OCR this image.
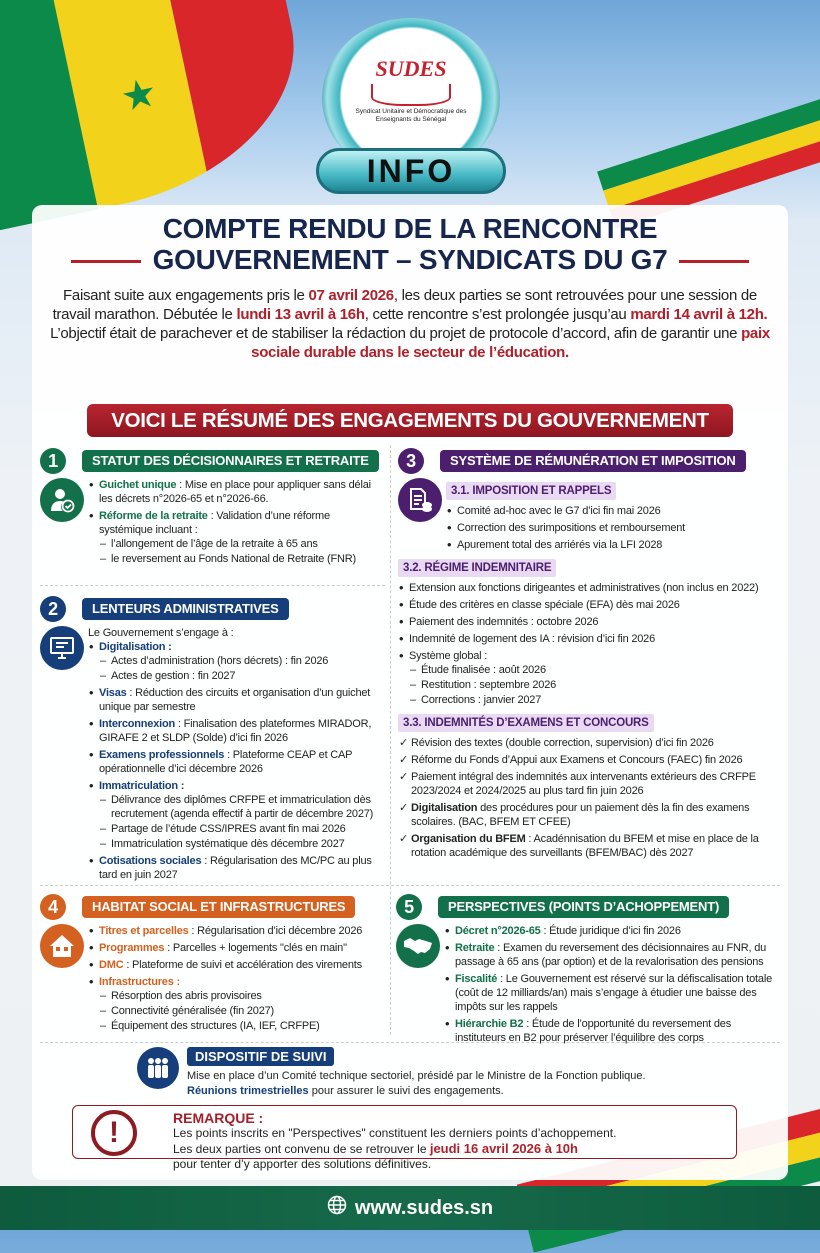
★
SUDES
Syndicat Unitaire et Démocratique des Enseignants du Sénégal
INFO
COMPTE RENDU DE LA RENCONTRE
GOUVERNEMENT – SYNDICATS DU G7
Faisant suite aux engagements pris le 07 avril 2026, les deux parties se sont retrouvées pour une session de travail marathon. Débutée le lundi 13 avril à 16h, cette rencontre s’est prolongée jusqu’au mardi 14 avril à 12h.
L’objectif était de parachever et de stabiliser la rédaction du projet de protocole d’accord, afin de garantir une paix sociale durable dans le secteur de l’éducation.
VOICI LE RÉSUMÉ DES ENGAGEMENTS DU GOUVERNEMENT
1	STATUT DES DÉCISIONNAIRES ET RETRAITE
• Guichet unique : Mise en place pour appliquer sans délai les décrets n°2026-65 et n°2026-66.
• Réforme de la retraite : Validation d’une réforme systémique incluant :
– l’allongement de l’âge de la retraite à 65 ans
– le reversement au Fonds National de Retraite (FNR)
2	LENTEURS ADMINISTRATIVES
Le Gouvernement s’engage à :
• Digitalisation :
– Actes d’administration (hors décrets) : fin 2026
– Actes de gestion : fin 2027
• Visas : Réduction des circuits et organisation d’un guichet unique par semestre
• Interconnexion : Finalisation des plateformes MIRADOR, GIRAFE 2 et SLDP (Solde) d’ici fin 2026
• Examens professionnels : Plateforme CEAP et CAP opérationnelle d’ici décembre 2026
• Immatriculation :
– Délivrance des diplômes CRFPE et immatriculation dès recrutement (agenda effectif à partir de décembre 2027)
– Partage de l’étude CSS/IPRES avant fin mai 2026
– Immatriculation systématique dès décembre 2027
• Cotisations sociales : Régularisation des MC/PC au plus tard en juin 2027
3	SYSTÈME DE RÉMUNÉRATION ET IMPOSITION
3.1. IMPOSITION ET RAPPELS
• Comité ad-hoc avec le G7 d’ici fin mai 2026
• Correction des surimpositions et remboursement
• Apurement total des arriérés via la LFI 2028
3.2. RÉGIME INDEMNITAIRE
• Extension aux fonctions dirigeantes et administratives (non inclus en 2022)
• Étude des critères en classe spéciale (EFA) dès mai 2026
• Paiement des indemnités : octobre 2026
• Indemnité de logement des IA : révision d’ici fin 2026
• Système global :
– Étude finalisée : août 2026
– Restitution : septembre 2026
– Corrections : janvier 2027
3.3. INDEMNITÉS D’EXAMENS ET CONCOURS
✓ Révision des textes (double correction, supervision) d’ici fin 2026
✓ Réforme du Fonds d’Appui aux Examens et Concours (FAEC) fin 2026
✓ Paiement intégral des indemnités aux intervenants extérieurs des CRFPE 2023/2024 et 2024/2025 au plus tard fin juin 2026
✓ Digitalisation des procédures pour un paiement dès la fin des examens scolaires. (BAC, BFEM ET CFEE)
✓ Organisation du BFEM : Acadénnisation du BFEM et mise en place de la rotation académique des surveillants (BFEM/BAC) dès 2027
4	HABITAT SOCIAL ET INFRASTRUCTURES
• Titres et parcelles : Régularisation d’ici décembre 2026
• Programmes : Parcelles + logements "clés en main"
• DMC : Plateforme de suivi et accélération des virements
• Infrastructures :
– Résorption des abris provisoires
– Connectivité généralisée (fin 2027)
– Équipement des structures (IA, IEF, CRFPE)
5	PERSPECTIVES (POINTS D’ACHOPPEMENT)
• Décret n°2026-65 : Étude juridique d’ici fin 2026
• Retraite : Examen du reversement des décisionnaires au FNR, du passage à 65 ans (par option) et de la revalorisation des pensions
• Fiscalité : Le Gouvernement est réservé sur la défiscalisation totale (coût de 12 milliards/an) mais s’engage à étudier une baisse des impôts sur les rappels
• Hiérarchie B2 : Étude de l’opportunité du reversement des instituteurs en B2 pour préserver l’équilibre des corps
DISPOSITIF DE SUIVI
Mise en place d’un Comité technique sectoriel, présidé par le Ministre de la Fonction publique.
Réunions trimestrielles pour assurer le suivi des engagements.
!	REMARQUE :
Les points inscrits en "Perspectives" constituent les derniers points d’achoppement.
Les deux parties ont convenu de se retrouver le jeudi 16 avril 2026 à 10h
pour tenter d’y apporter des solutions définitives.
www.sudes.sn
